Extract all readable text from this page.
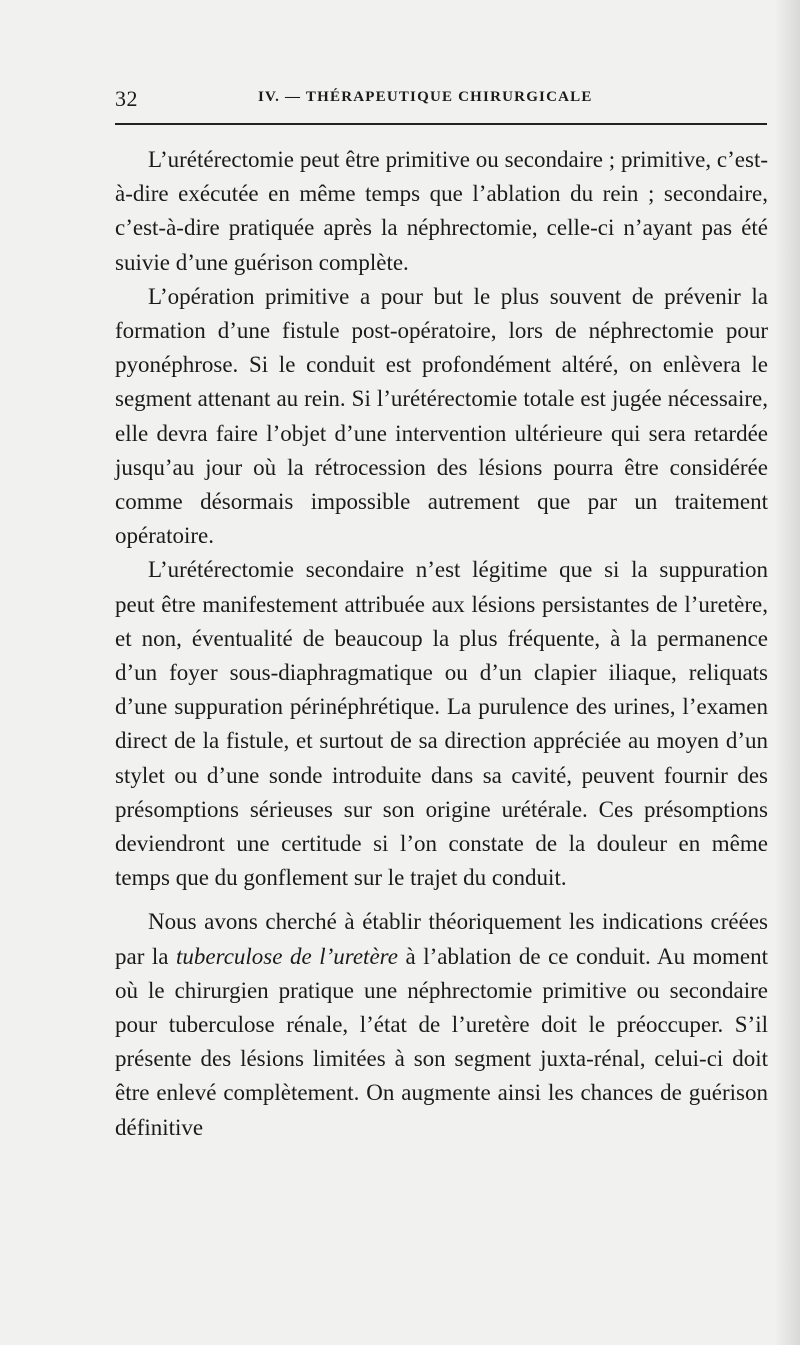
32	IV. — THÉRAPEUTIQUE CHIRURGICALE

L’urétérectomie peut être primitive ou secondaire ; primitive, c’est-à-dire exécutée en même temps que l’ablation du rein ; secondaire, c’est-à-dire pratiquée après la néphrectomie, celle-ci n’ayant pas été suivie d’une guérison complète.

L’opération primitive a pour but le plus souvent de prévenir la formation d’une fistule post-opératoire, lors de néphrectomie pour pyonéphrose. Si le conduit est profondément altéré, on enlèvera le segment attenant au rein. Si l’urétérectomie totale est jugée nécessaire, elle devra faire l’objet d’une intervention ultérieure qui sera retardée jusqu’au jour où la rétrocession des lésions pourra être considérée comme désormais impossible autrement que par un traitement opératoire.

L’urétérectomie secondaire n’est légitime que si la suppuration peut être manifestement attribuée aux lésions persistantes de l’uretère, et non, éventualité de beaucoup la plus fréquente, à la permanence d’un foyer sous-diaphragmatique ou d’un clapier iliaque, reliquats d’une suppuration périnéphrétique. La purulence des urines, l’examen direct de la fistule, et surtout de sa direction appréciée au moyen d’un stylet ou d’une sonde introduite dans sa cavité, peuvent fournir des présomptions sérieuses sur son origine urétérale. Ces présomptions deviendront une certitude si l’on constate de la douleur en même temps que du gonflement sur le trajet du conduit.

Nous avons cherché à établir théoriquement les indications créées par la tuberculose de l’uretère à l’ablation de ce conduit. Au moment où le chirurgien pratique une néphrectomie primitive ou secondaire pour tuberculose rénale, l’état de l’uretère doit le préoccuper. S’il présente des lésions limitées à son segment juxta-rénal, celui-ci doit être enlevé complètement. On augmente ainsi les chances de guérison définitive
